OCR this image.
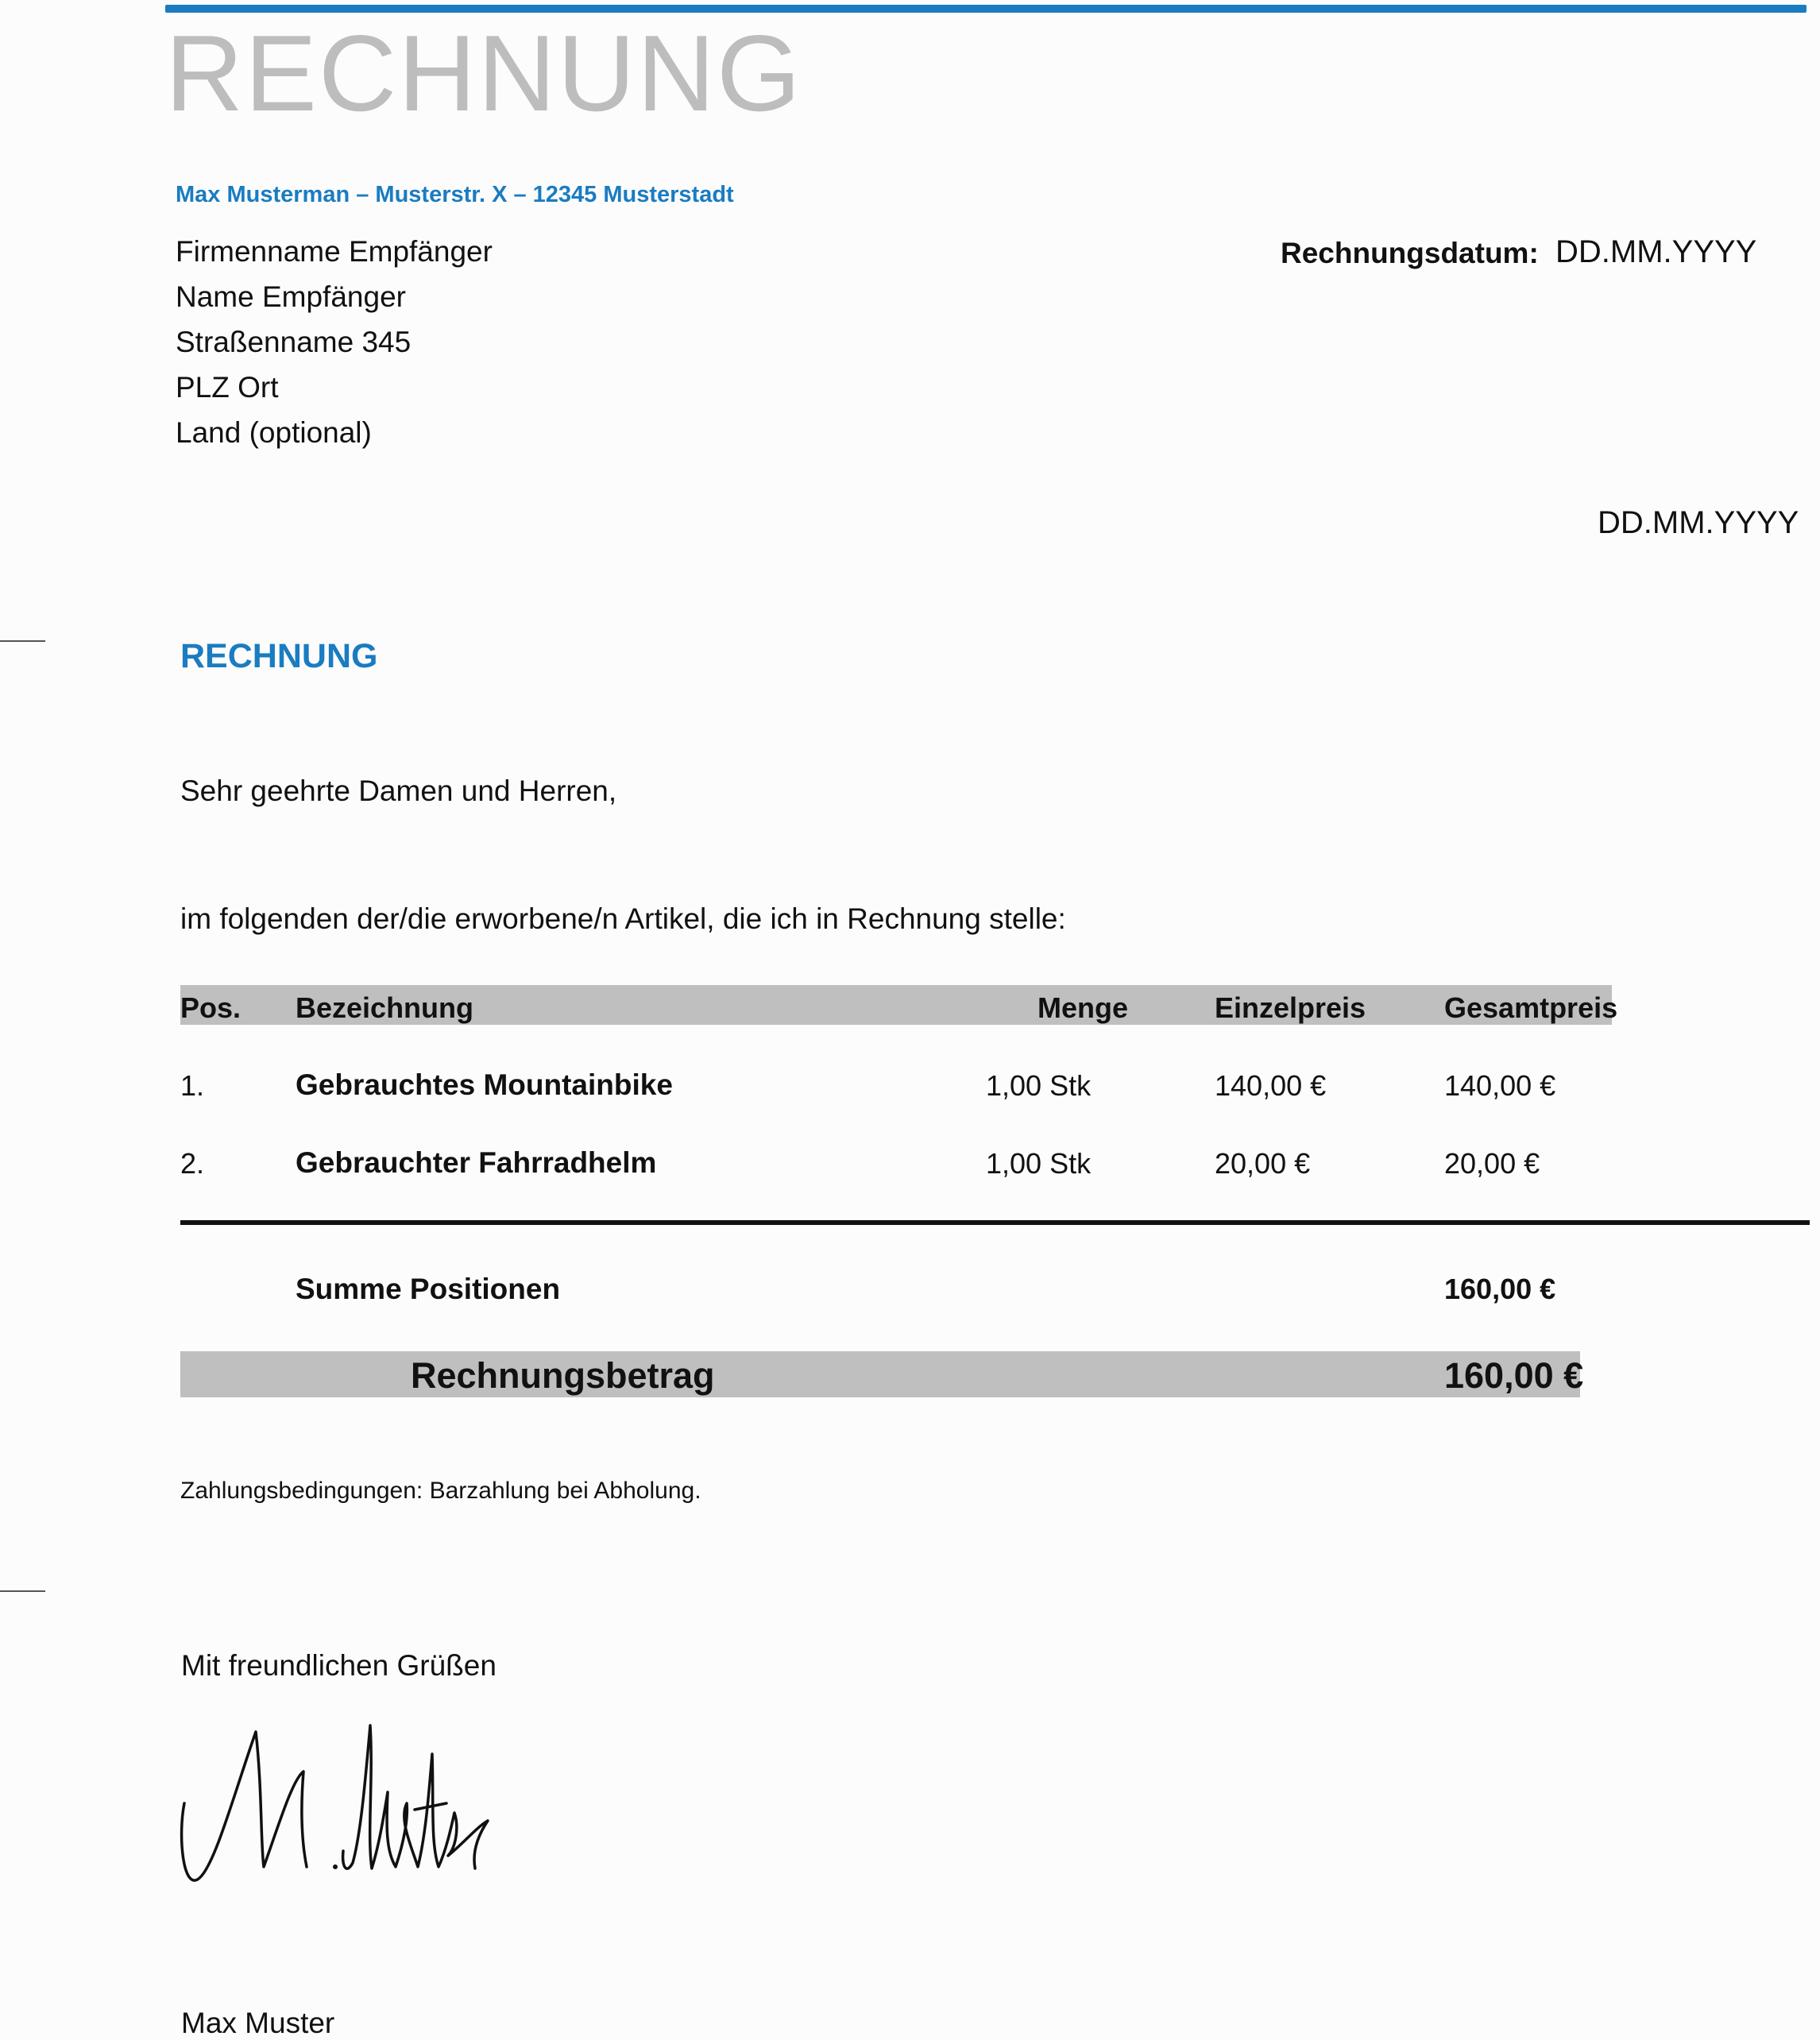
RECHNUNG
Max Musterman – Musterstr. X – 12345 Musterstadt
Firmenname Empfänger
Name Empfänger
Straßenname 345
PLZ Ort
Land (optional)
Rechnungsdatum: DD.MM.YYYY
DD.MM.YYYY
RECHNUNG
Sehr geehrte Damen und Herren,
im folgenden der/die erworbene/n Artikel, die ich in Rechnung stelle:
Pos. Bezeichnung	Menge	Einzelpreis	Gesamtpreis
1.	Gebrauchtes Mountainbike	1,00 Stk	140,00 €	140,00 €
2.	Gebrauchter Fahrradhelm	1,00 Stk	20,00 €	20,00 €
Summe Positionen	160,00 €
Rechnungsbetrag	160,00 €
Zahlungsbedingungen: Barzahlung bei Abholung.
Mit freundlichen Grüßen
Max Muster
